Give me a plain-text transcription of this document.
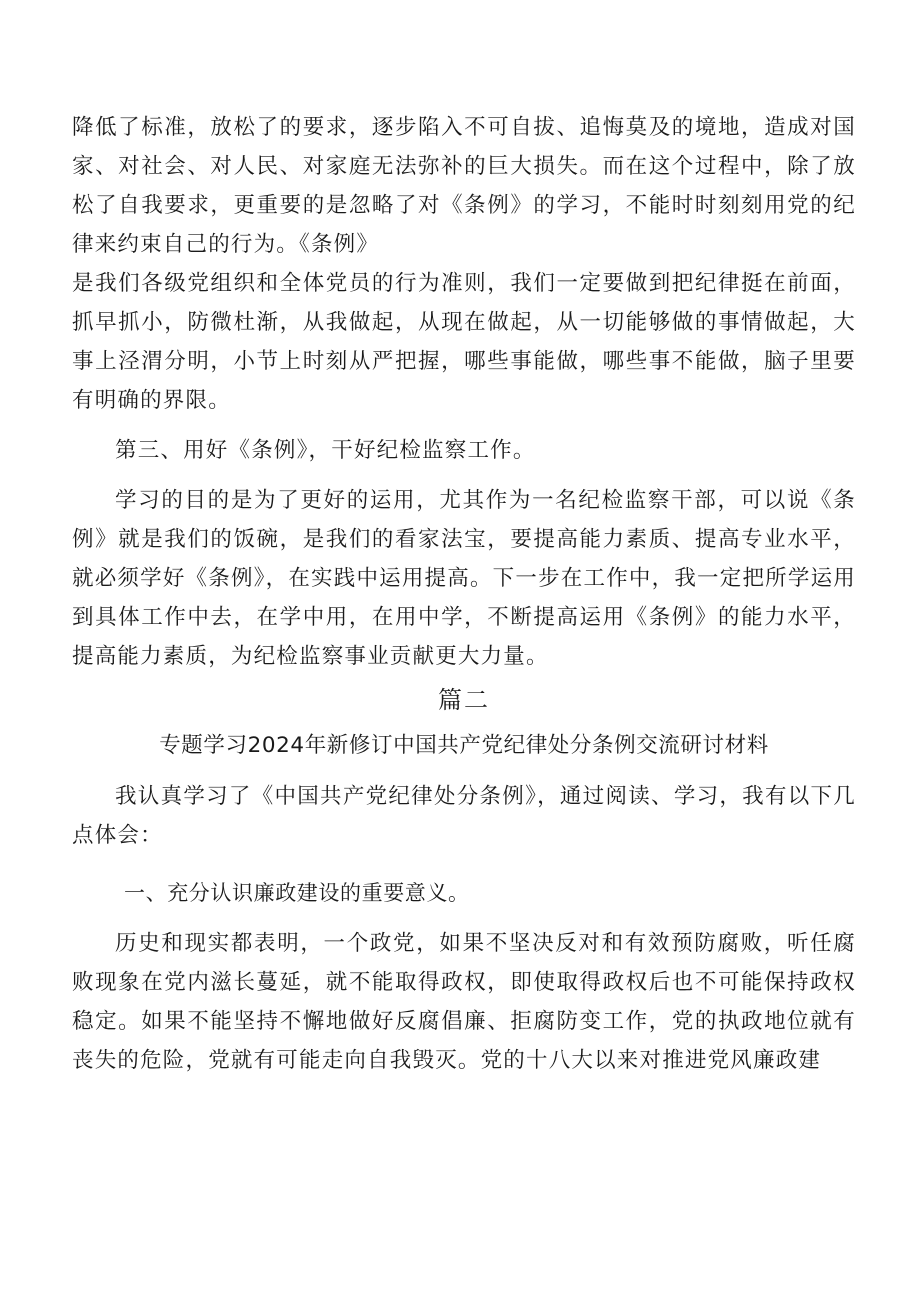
降低了标准，放松了的要求，逐步陷入不可自拔、追悔莫及的境地，造成对国家、对社会、对人民、对家庭无法弥补的巨大损失。而在这个过程中，除了放松了自我要求，更重要的是忽略了对《条例》的学习，不能时时刻刻用党的纪律来约束自己的行为。《条例》

是我们各级党组织和全体党员的行为准则，我们一定要做到把纪律挺在前面，抓早抓小，防微杜渐，从我做起，从现在做起，从一切能够做的事情做起，大事上泾渭分明，小节上时刻从严把握，哪些事能做，哪些事不能做，脑子里要有明确的界限。

第三、用好《条例》，干好纪检监察工作。

学习的目的是为了更好的运用，尤其作为一名纪检监察干部，可以说《条例》就是我们的饭碗，是我们的看家法宝，要提高能力素质、提高专业水平，就必须学好《条例》，在实践中运用提高。下一步在工作中，我一定把所学运用到具体工作中去，在学中用，在用中学，不断提高运用《条例》的能力水平，提高能力素质，为纪检监察事业贡献更大力量。

篇二
专题学习2024年新修订中国共产党纪律处分条例交流研讨材料

我认真学习了《中国共产党纪律处分条例》，通过阅读、学习，我有以下几点体会：

一、充分认识廉政建设的重要意义。

历史和现实都表明，一个政党，如果不坚决反对和有效预防腐败，听任腐败现象在党内滋长蔓延，就不能取得政权，即使取得政权后也不可能保持政权稳定。如果不能坚持不懈地做好反腐倡廉、拒腐防变工作，党的执政地位就有丧失的危险，党就有可能走向自我毁灭。党的十八大以来对推进党风廉政建
